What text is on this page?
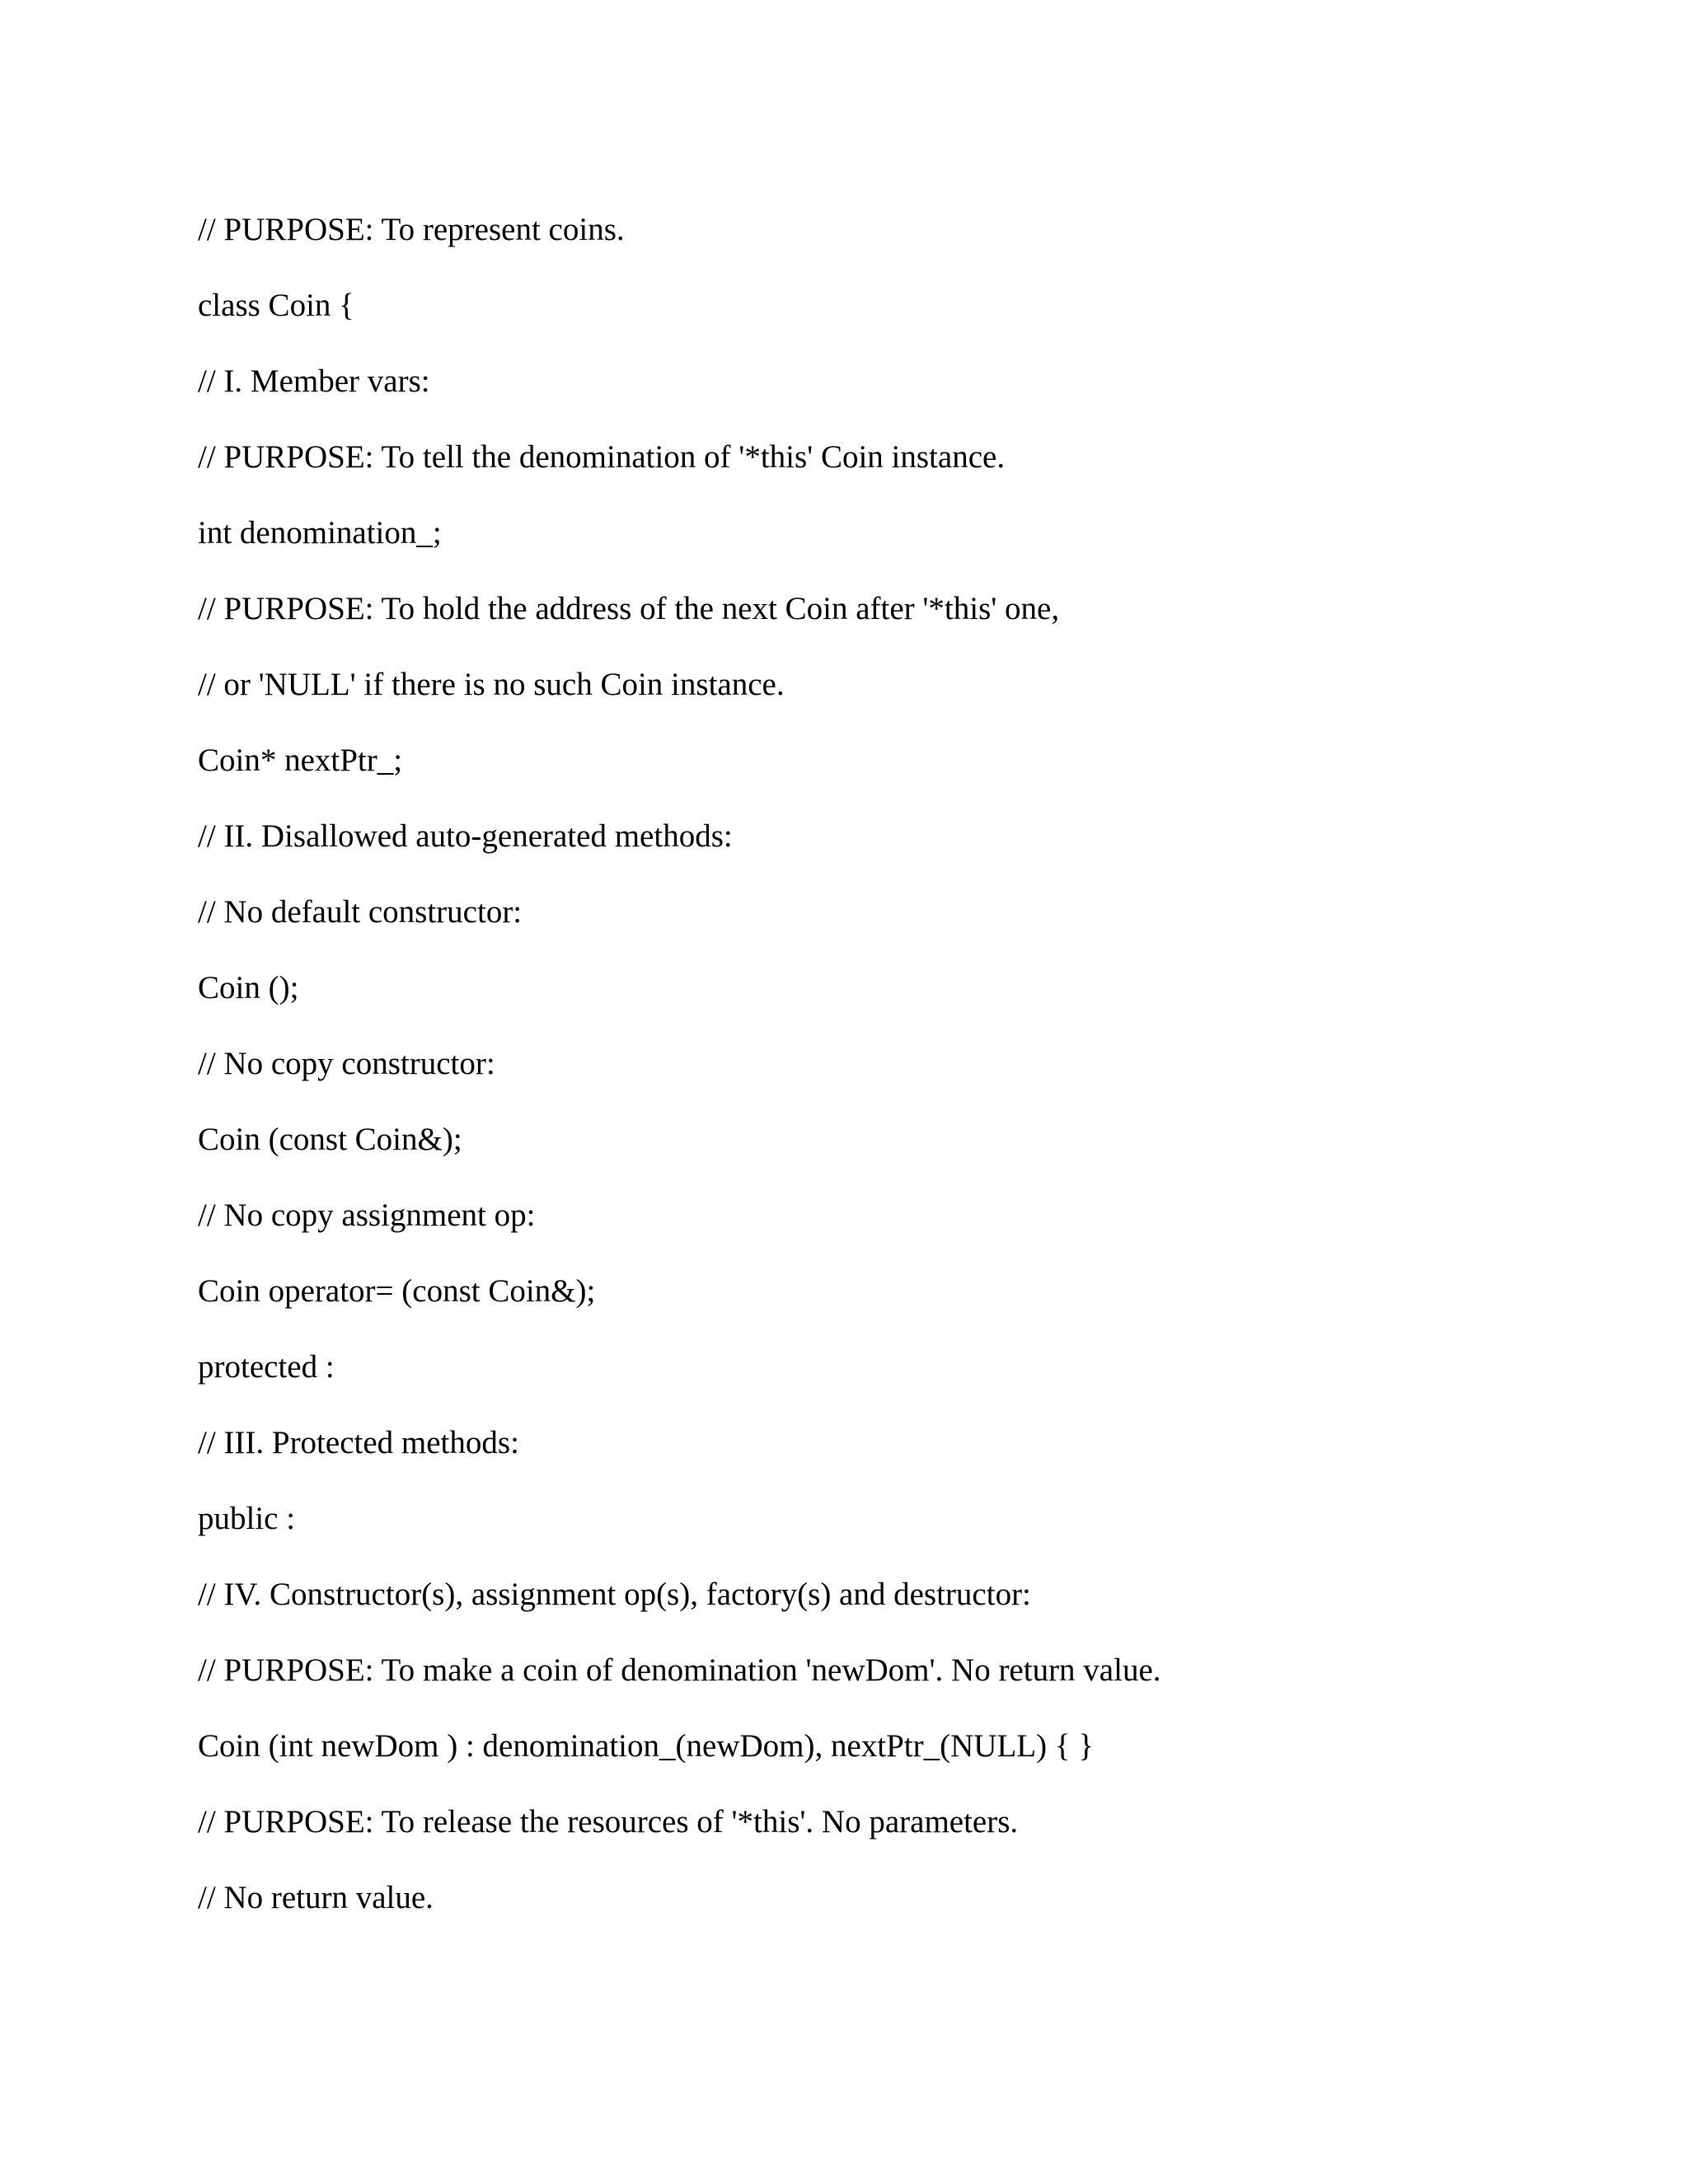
// PURPOSE: To represent coins.
class Coin {
// I. Member vars:
// PURPOSE: To tell the denomination of '*this' Coin instance.
int denomination_;
// PURPOSE: To hold the address of the next Coin after '*this' one,
// or 'NULL' if there is no such Coin instance.
Coin* nextPtr_;
// II. Disallowed auto-generated methods:
// No default constructor:
Coin ();
// No copy constructor:
Coin (const Coin&);
// No copy assignment op:
Coin operator= (const Coin&);
protected :
// III. Protected methods:
public :
// IV. Constructor(s), assignment op(s), factory(s) and destructor:
// PURPOSE: To make a coin of denomination 'newDom'. No return value.
Coin (int newDom ) : denomination_(newDom), nextPtr_(NULL) { }
// PURPOSE: To release the resources of '*this'. No parameters.
// No return value.
